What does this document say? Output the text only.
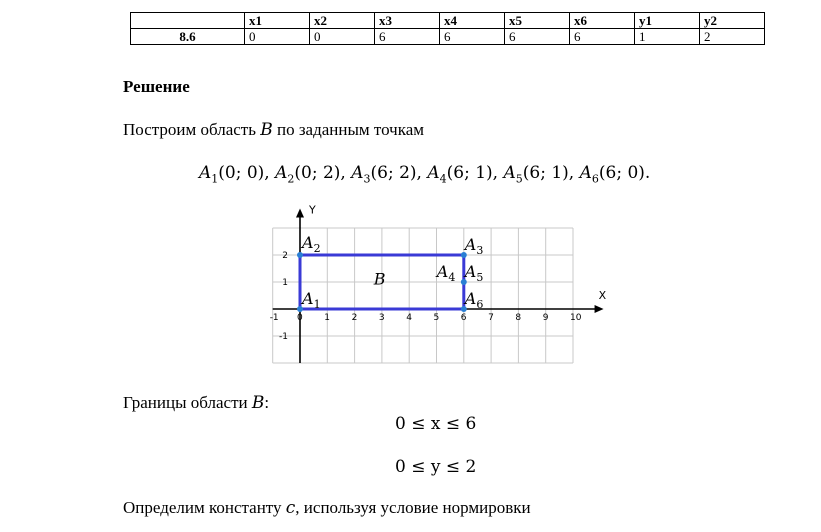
	x1	x2	x3	x4	x5	x6	y1	y2
8.6	0	0	6	6	6	6	1	2
Решение
Построим область B по заданным точкам
$A_1(0$; 0), $A_2(0$; 2), $A_3(6$; 2), $A_4(6$; 1), $A_5(6$; 1), $A_6(6$; 0).
X
Y
-1 0 1 2 3 4 5 6 7 8 9 10
2
1
-1
B
$A_1$
$A_2$	$A_3$
$A_4$ $A_5$
$A_6$
Границы области B:
0 ≤ x ≤ 6
0 ≤ y ≤ 2
Определим константу c, используя условие нормировки
